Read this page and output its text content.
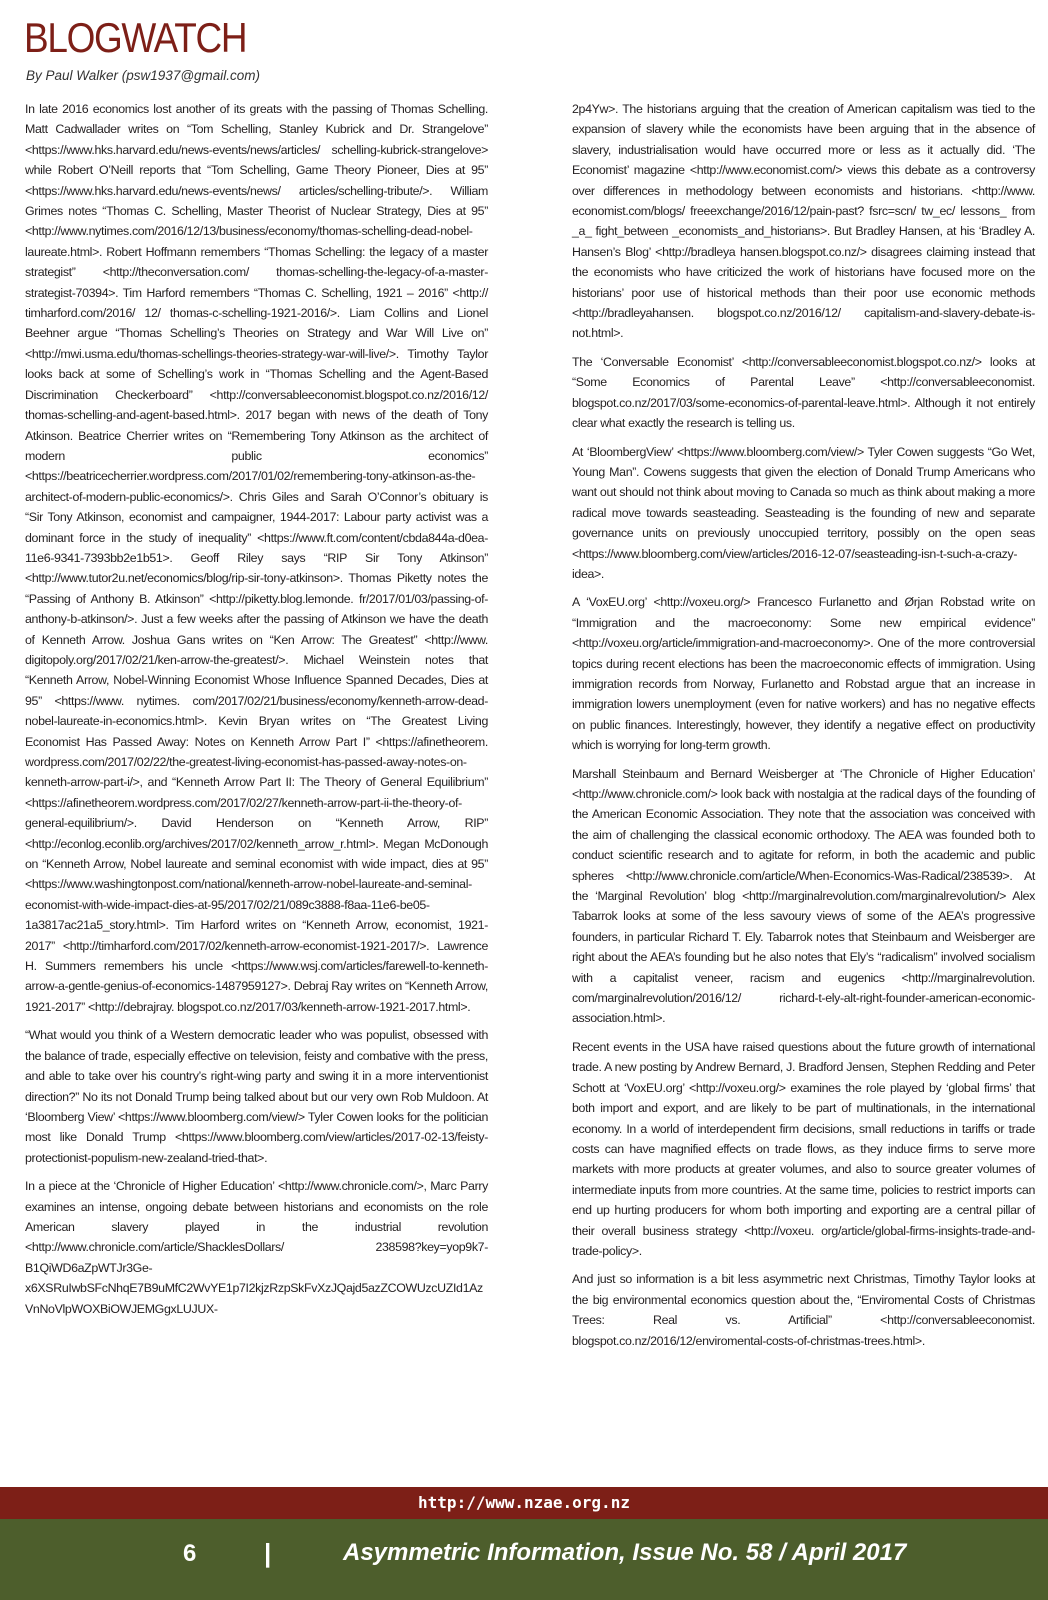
BLOGWATCH

By Paul Walker (psw1937@gmail.com)

In late 2016 economics lost another of its greats with the passing of Thomas Schelling. Matt Cadwallader writes on “Tom Schelling, Stanley Kubrick and Dr. Strangelove” <https://www.hks.harvard.edu/news-events/news/articles/ schelling-kubrick-strangelove> while Robert O’Neill reports that “Tom Schelling, Game Theory Pioneer, Dies at 95” <https://www.hks.harvard.edu/news-events/news/ articles/schelling-tribute/>. William Grimes notes “Thomas C. Schelling, Master Theorist of Nuclear Strategy, Dies at 95” <http://www.nytimes.com/2016/12/13/business/economy/thomas-schelling-dead-nobel-laureate.html>. Robert Hoffmann remembers “Thomas Schelling: the legacy of a master strategist” <http://theconversation.com/ thomas-schelling-the-legacy-of-a-master-strategist-70394>. Tim Harford remembers “Thomas C. Schelling, 1921 – 2016” <http:// timharford.com/2016/ 12/ thomas-c-schelling-1921-2016/>. Liam Collins and Lionel Beehner argue “Thomas Schelling’s Theories on Strategy and War Will Live on” <http://mwi.usma.edu/thomas-schellings-theories-strategy-war-will-live/>. Timothy Taylor looks back at some of Schelling’s work in “Thomas Schelling and the Agent-Based Discrimination Checkerboard” <http://conversableeconomist.blogspot.co.nz/2016/12/ thomas-schelling-and-agent-based.html>. 2017 began with news of the death of Tony Atkinson. Beatrice Cherrier writes on “Remembering Tony Atkinson as the architect of modern public economics” <https://beatricecherrier.wordpress.com/2017/01/02/remembering-tony-atkinson-as-the-architect-of-modern-public-economics/>. Chris Giles and Sarah O’Connor’s obituary is “Sir Tony Atkinson, economist and campaigner, 1944-2017: Labour party activist was a dominant force in the study of inequality” <https://www.ft.com/content/cbda844a-d0ea-11e6-9341-7393bb2e1b51>. Geoff Riley says “RIP Sir Tony Atkinson” <http://www.tutor2u.net/economics/blog/rip-sir-tony-atkinson>. Thomas Piketty notes the “Passing of Anthony B. Atkinson” <http://piketty.blog.lemonde. fr/2017/01/03/passing-of-anthony-b-atkinson/>. Just a few weeks after the passing of Atkinson we have the death of Kenneth Arrow. Joshua Gans writes on “Ken Arrow: The Greatest” <http://www. digitopoly.org/2017/02/21/ken-arrow-the-greatest/>. Michael Weinstein notes that “Kenneth Arrow, Nobel-Winning Economist Whose Influence Spanned Decades, Dies at 95” <https://www. nytimes. com/2017/02/21/business/economy/kenneth-arrow-dead-nobel-laureate-in-economics.html>. Kevin Bryan writes on “The Greatest Living Economist Has Passed Away: Notes on Kenneth Arrow Part I” <https://afinetheorem. wordpress.com/2017/02/22/the-greatest-living-economist-has-passed-away-notes-on-kenneth-arrow-part-i/>, and “Kenneth Arrow Part II: The Theory of General Equilibrium” <https://afinetheorem.wordpress.com/2017/02/27/kenneth-arrow-part-ii-the-theory-of-general-equilibrium/>. David Henderson on “Kenneth Arrow, RIP” <http://econlog.econlib.org/archives/2017/02/kenneth_arrow_r.html>. Megan McDonough on “Kenneth Arrow, Nobel laureate and seminal economist with wide impact, dies at 95” <https://www.washingtonpost.com/national/kenneth-arrow-nobel-laureate-and-seminal-economist-with-wide-impact-dies-at-95/2017/02/21/089c3888-f8aa-11e6-be05-1a3817ac21a5_story.html>. Tim Harford writes on “Kenneth Arrow, economist, 1921-2017” <http://timharford.com/2017/02/kenneth-arrow-economist-1921-2017/>. Lawrence H. Summers remembers his uncle <https://www.wsj.com/articles/farewell-to-kenneth-arrow-a-gentle-genius-of-economics-1487959127>. Debraj Ray writes on “Kenneth Arrow, 1921-2017” <http://debrajray. blogspot.co.nz/2017/03/kenneth-arrow-1921-2017.html>.

“What would you think of a Western democratic leader who was populist, obsessed with the balance of trade, especially effective on television, feisty and combative with the press, and able to take over his country’s right-wing party and swing it in a more interventionist direction?” No its not Donald Trump being talked about but our very own Rob Muldoon. At ‘Bloomberg View’ <https://www.bloomberg.com/view/> Tyler Cowen looks for the politician most like Donald Trump <https://www.bloomberg.com/view/articles/2017-02-13/feisty-protectionist-populism-new-zealand-tried-that>.

In a piece at the ‘Chronicle of Higher Education’ <http://www.chronicle.com/>, Marc Parry examines an intense, ongoing debate between historians and economists on the role American slavery played in the industrial revolution <http://www.chronicle.com/article/ShacklesDollars/ 238598?key=yop9k7-B1QiWD6aZpWTJr3Ge-x6XSRuIwbSFcNhqE7B9uMfC2WvYE1p7I2kjzRzpSkFvXzJQajd5azZCOWUzcUZId1AzVnNoVlpWOXBiOWJEMGgxLUJUX-

2p4Yw>. The historians arguing that the creation of American capitalism was tied to the expansion of slavery while the economists have been arguing that in the absence of slavery, industrialisation would have occurred more or less as it actually did. ‘The Economist’ magazine <http://www.economist.com/> views this debate as a controversy over differences in methodology between economists and historians. <http://www. economist.com/blogs/ freeexchange/2016/12/pain-past? fsrc=scn/ tw_ec/ lessons_ from _a_ fight_between _economists_and_historians>. But Bradley Hansen, at his ‘Bradley A. Hansen’s Blog’ <http://bradleya hansen.blogspot.co.nz/> disagrees claiming instead that the economists who have criticized the work of historians have focused more on the historians’ poor use of historical methods than their poor use economic methods <http://bradleyahansen. blogspot.co.nz/2016/12/ capitalism-and-slavery-debate-is-not.html>.

The ‘Conversable Economist’ <http://conversableeconomist.blogspot.co.nz/> looks at “Some Economics of Parental Leave” <http://conversableeconomist. blogspot.co.nz/2017/03/some-economics-of-parental-leave.html>. Although it not entirely clear what exactly the research is telling us.

At ‘BloombergView’ <https://www.bloomberg.com/view/> Tyler Cowen suggests “Go Wet, Young Man”. Cowens suggests that given the election of Donald Trump Americans who want out should not think about moving to Canada so much as think about making a more radical move towards seasteading. Seasteading is the founding of new and separate governance units on previously unoccupied territory, possibly on the open seas <https://www.bloomberg.com/view/articles/2016-12-07/seasteading-isn-t-such-a-crazy-idea>.

A ‘VoxEU.org’ <http://voxeu.org/> Francesco Furlanetto and Ørjan Robstad write on “Immigration and the macroeconomy: Some new empirical evidence” <http://voxeu.org/article/immigration-and-macroeconomy>. One of the more controversial topics during recent elections has been the macroeconomic effects of immigration. Using immigration records from Norway, Furlanetto and Robstad argue that an increase in immigration lowers unemployment (even for native workers) and has no negative effects on public finances. Interestingly, however, they identify a negative effect on productivity which is worrying for long-term growth.

Marshall Steinbaum and Bernard Weisberger at ‘The Chronicle of Higher Education’ <http://www.chronicle.com/> look back with nostalgia at the radical days of the founding of the American Economic Association. They note that the association was conceived with the aim of challenging the classical economic orthodoxy. The AEA was founded both to conduct scientific research and to agitate for reform, in both the academic and public spheres <http://www.chronicle.com/article/When-Economics-Was-Radical/238539>. At the ‘Marginal Revolution’ blog <http://marginalrevolution.com/marginalrevolution/> Alex Tabarrok looks at some of the less savoury views of some of the AEA’s progressive founders, in particular Richard T. Ely. Tabarrok notes that Steinbaum and Weisberger are right about the AEA’s founding but he also notes that Ely’s “radicalism” involved socialism with a capitalist veneer, racism and eugenics <http://marginalrevolution. com/marginalrevolution/2016/12/ richard-t-ely-alt-right-founder-american-economic-association.html>.

Recent events in the USA have raised questions about the future growth of international trade. A new posting by Andrew Bernard, J. Bradford Jensen, Stephen Redding and Peter Schott at ‘VoxEU.org’ <http://voxeu.org/> examines the role played by ‘global firms’ that both import and export, and are likely to be part of multinationals, in the international economy. In a world of interdependent firm decisions, small reductions in tariffs or trade costs can have magnified effects on trade flows, as they induce firms to serve more markets with more products at greater volumes, and also to source greater volumes of intermediate inputs from more countries. At the same time, policies to restrict imports can end up hurting producers for whom both importing and exporting are a central pillar of their overall business strategy <http://voxeu. org/article/global-firms-insights-trade-and-trade-policy>.

And just so information is a bit less asymmetric next Christmas, Timothy Taylor looks at the big environmental economics question about the, “Enviromental Costs of Christmas Trees: Real vs. Artificial” <http://conversableeconomist. blogspot.co.nz/2016/12/enviromental-costs-of-christmas-trees.html>.

http://www.nzae.org.nz
6	|	Asymmetric Information, Issue No. 58 / April 2017
